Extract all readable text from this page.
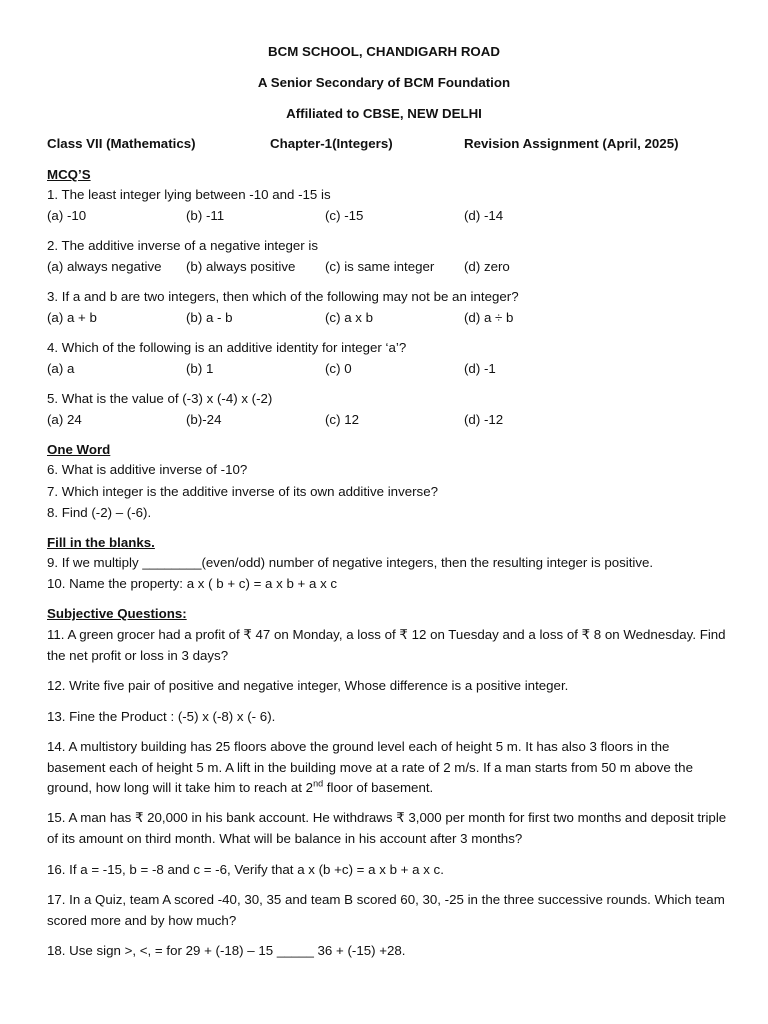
BCM SCHOOL, CHANDIGARH ROAD
A Senior Secondary of BCM Foundation
Affiliated to CBSE, NEW DELHI
Class VII (Mathematics)	Chapter-1(Integers)	Revision Assignment (April, 2025)
MCQ’S
1. The least integer lying between -10 and -15 is
(a) -10	(b) -11	(c) -15	(d) -14
2. The additive inverse of a negative integer is
(a) always negative (b) always positive (c) is same integer (d) zero
3. If a and b are two integers, then which of the following may not be an integer?
(a) a + b	(b) a - b	(c) a x b	(d) a ÷ b
4. Which of the following is an additive identity for integer ‘a’?
(a) a	(b) 1	(c) 0	(d) -1
5. What is the value of (-3) x (-4) x (-2)
(a) 24	(b)-24	(c) 12	(d) -12
One Word
6. What is additive inverse of -10?
7. Which integer is the additive inverse of its own additive inverse?
8. Find (-2) – (-6).
Fill in the blanks.
9. If we multiply ________(even/odd) number of negative integers, then the resulting integer is positive.
10. Name the property: a x ( b + c) = a x b + a x c
Subjective Questions:
11. A green grocer had a profit of ₹ 47 on Monday, a loss of ₹ 12 on Tuesday and a loss of ₹ 8 on Wednesday. Find the net profit or loss in 3 days?
12. Write five pair of positive and negative integer, Whose difference is a positive integer.
13. Fine the Product : (-5) x (-8) x (- 6).
14. A multistory building has 25 floors above the ground level each of height 5 m. It has also 3 floors in the basement each of height 5 m. A lift in the building move at a rate of 2 m/s. If a man starts from 50 m above the ground, how long will it take him to reach at 2nd floor of basement.
15. A man has ₹ 20,000 in his bank account. He withdraws ₹ 3,000 per month for first two months and deposit triple of its amount on third month. What will be balance in his account after 3 months?
16. If a = -15, b = -8 and c = -6, Verify that a x (b +c) = a x b + a x c.
17. In a Quiz, team A scored -40, 30, 35 and team B scored 60, 30, -25 in the three successive rounds. Which team scored more and by how much?
18. Use sign >, <, = for 29 + (-18) – 15 _____ 36 + (-15) +28.
